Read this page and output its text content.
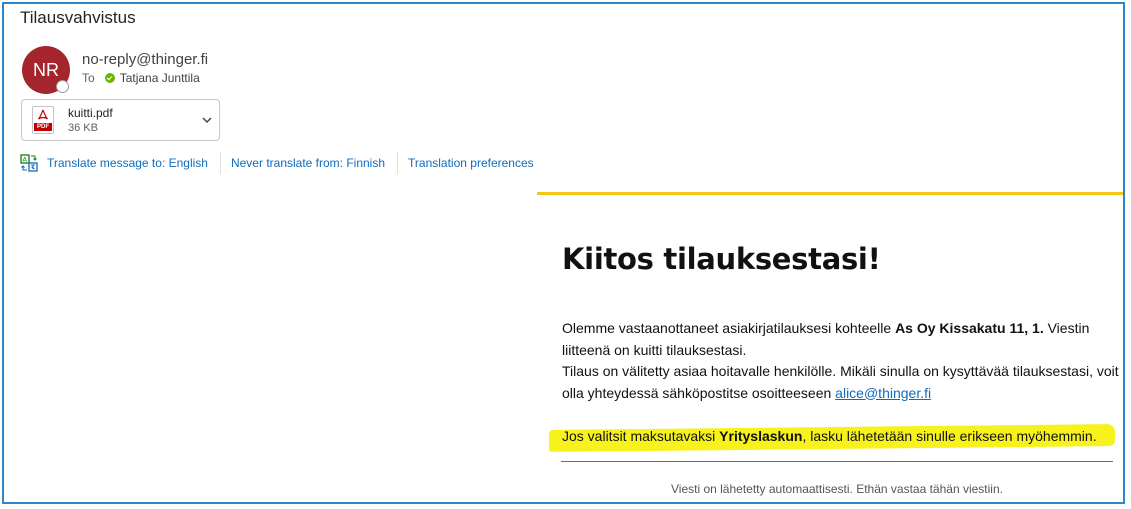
Tilausvahvistus
NR
no-reply@thinger.fi
To Tatjana Junttila
PDF
kuitti.pdf
36 KB
A Translate message to: English Never translate from: Finnish Translation preferences
Kiitos tilauksestasi!

Olemme vastaanottaneet asiakirjatilauksesi kohteelle As Oy Kissakatu 11, 1. Viestin liitteenä on kuitti tilauksestasi.

Tilaus on välitetty asiaa hoitavalle henkilölle. Mikäli sinulla on kysyttävää tilauksestasi, voit olla yhteydessä sähköpostitse osoitteeseen alice@thinger.fi

Jos valitsit maksutavaksi Yrityslaskun, lasku lähetetään sinulle erikseen myöhemmin.
Viesti on lähetetty automaattisesti. Ethän vastaa tähän viestiin.
